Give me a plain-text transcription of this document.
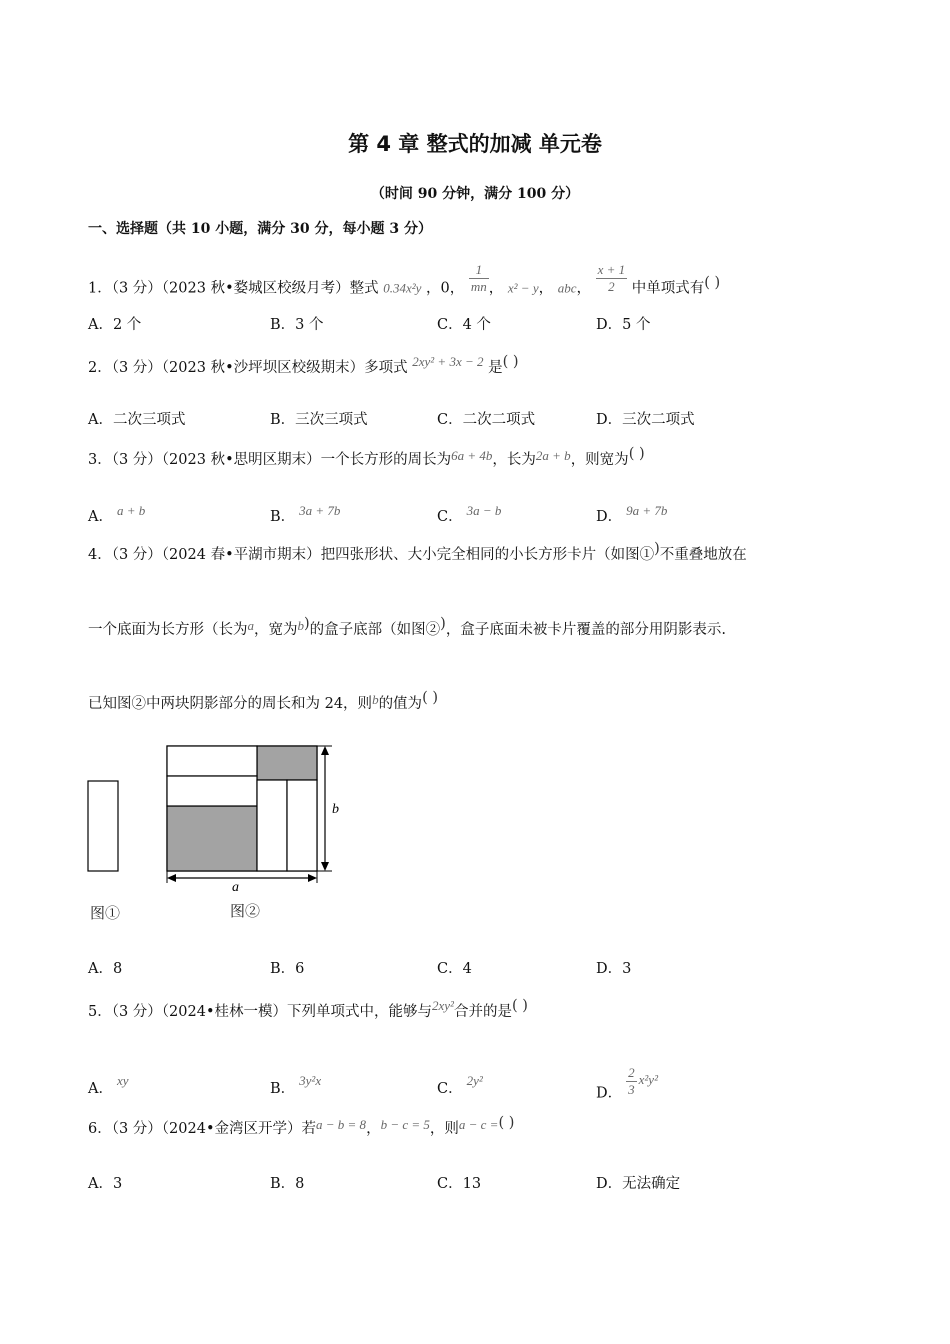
第 4 章 整式的加减 单元卷
（时间 90 分钟，满分 100 分）
一、选择题（共 10 小题，满分 30 分，每小题 3 分）
1．（3 分）（2023 秋•婺城区校级月考）整式 0.34x²y ，0， $\frac{1}{mn}$ ， x² − y， abc， $\frac{x + 1}{2}$ 中单项式有( )
A．2 个	B．3 个	C．4 个	D．5 个
2．（3 分）（2023 秋•沙坪坝区校级期末）多项式 2xy² + 3x − 2 是( )
A．二次三项式	B．三次三项式	C．二次二项式	D．三次二项式
3．（3 分）（2023 秋•思明区期末）一个长方形的周长为6a + 4b，长为2a + b，则宽为( )
A． a + b	B． 3a + 7b	C． 3a − b	D． 9a + 7b
4．（3 分）（2024 春•平湖市期末）把四张形状、大小完全相同的小长方形卡片（如图①)不重叠地放在
一个底面为长方形（长为a，宽为b)的盒子底部（如图②)，盒子底面未被卡片覆盖的部分用阴影表示.
已知图②中两块阴影部分的周长和为 24，则b的值为( )
b
a
图①	图②
A．8	B．6	C．4	D．3
5．（3 分）（2024•桂林一模）下列单项式中，能够与2xy²合并的是( )
A．xy
B．3y²x
C．2y²
D． $\frac{2}{3} x^2y^2$
6．（3 分）（2024•金湾区开学）若a − b = 8，b − c = 5，则a − c =( )
A．3	B．8	C．13	D．无法确定
